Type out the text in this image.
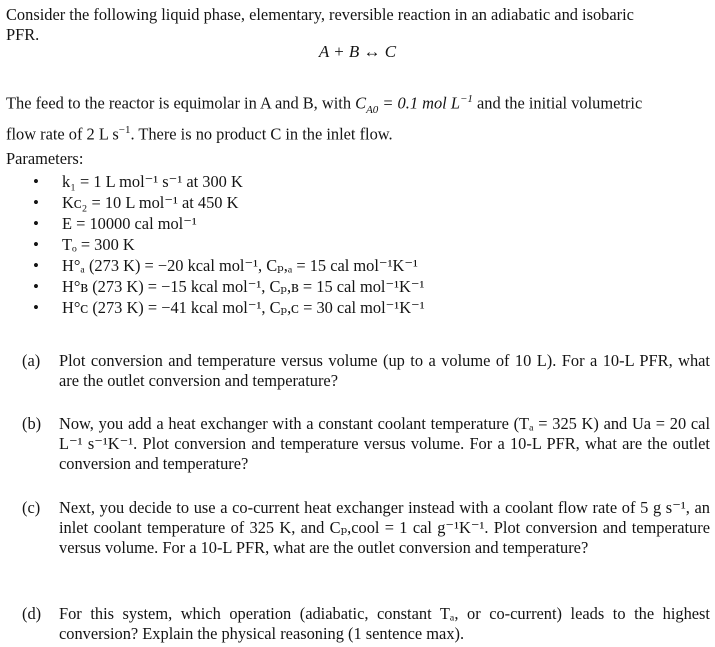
Consider the following liquid phase, elementary, reversible reaction in an adiabatic and isobaric
PFR.
A + B ↔ C
The feed to the reactor is equimolar in A and B, with $C_{A0} = 0.1$ mol $L^{-1}$ and the initial volumetric
flow rate of 2 L $s^{-1}$. There is no product C in the inlet flow.
Parameters:
• k₁ = 1 L mol⁻¹ s⁻¹ at 300 K
• Kᴄ₂ = 10 L mol⁻¹ at 450 K
• E = 10000 cal mol⁻¹
• Tₒ = 300 K
• H°ₐ (273 K) = −20 kcal mol⁻¹, Cₚ,ₐ = 15 cal mol⁻¹K⁻¹
• H°ʙ (273 K) = −15 kcal mol⁻¹, Cₚ,ʙ = 15 cal mol⁻¹K⁻¹
• H°ᴄ (273 K) = −41 kcal mol⁻¹, Cₚ,ᴄ = 30 cal mol⁻¹K⁻¹
(a) Plot conversion and temperature versus volume (up to a volume of 10 L). For a 10-L PFR, what are the outlet conversion and temperature?
(b) Now, you add a heat exchanger with a constant coolant temperature (Tₐ = 325 K) and Ua = 20 cal L⁻¹ s⁻¹K⁻¹. Plot conversion and temperature versus volume. For a 10-L PFR, what are the outlet conversion and temperature?
(c) Next, you decide to use a co-current heat exchanger instead with a coolant flow rate of 5 g s⁻¹, an inlet coolant temperature of 325 K, and Cₚ,cool = 1 cal g⁻¹K⁻¹. Plot conversion and temperature versus volume. For a 10-L PFR, what are the outlet conversion and temperature?
(d) For this system, which operation (adiabatic, constant Tₐ, or co-current) leads to the highest conversion? Explain the physical reasoning (1 sentence max).
